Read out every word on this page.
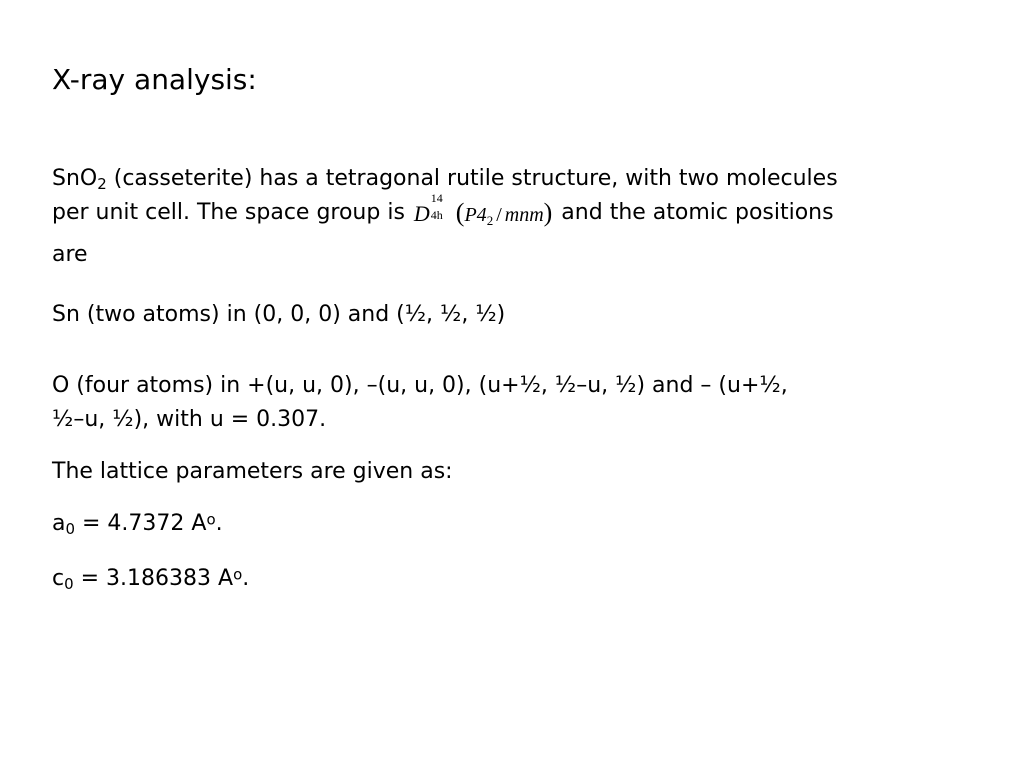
X-ray analysis:
SnO$_2$ (casseterite) has a tetragonal rutile structure, with two molecules
per unit cell. The space group is D
14
4h (P42 / mnm) and the atomic positions
are
Sn (two atoms) in (0, 0, 0) and (½, ½, ½)
O (four atoms) in +(u, u, 0), –(u, u, 0), (u+½, ½–u, ½) and – (u+½,
½–u, ½), with u = 0.307.
The lattice parameters are given as:
$a_0 = 4.7372$ $A^o$.
$c_0 = 3.186383$ $A^o$.
